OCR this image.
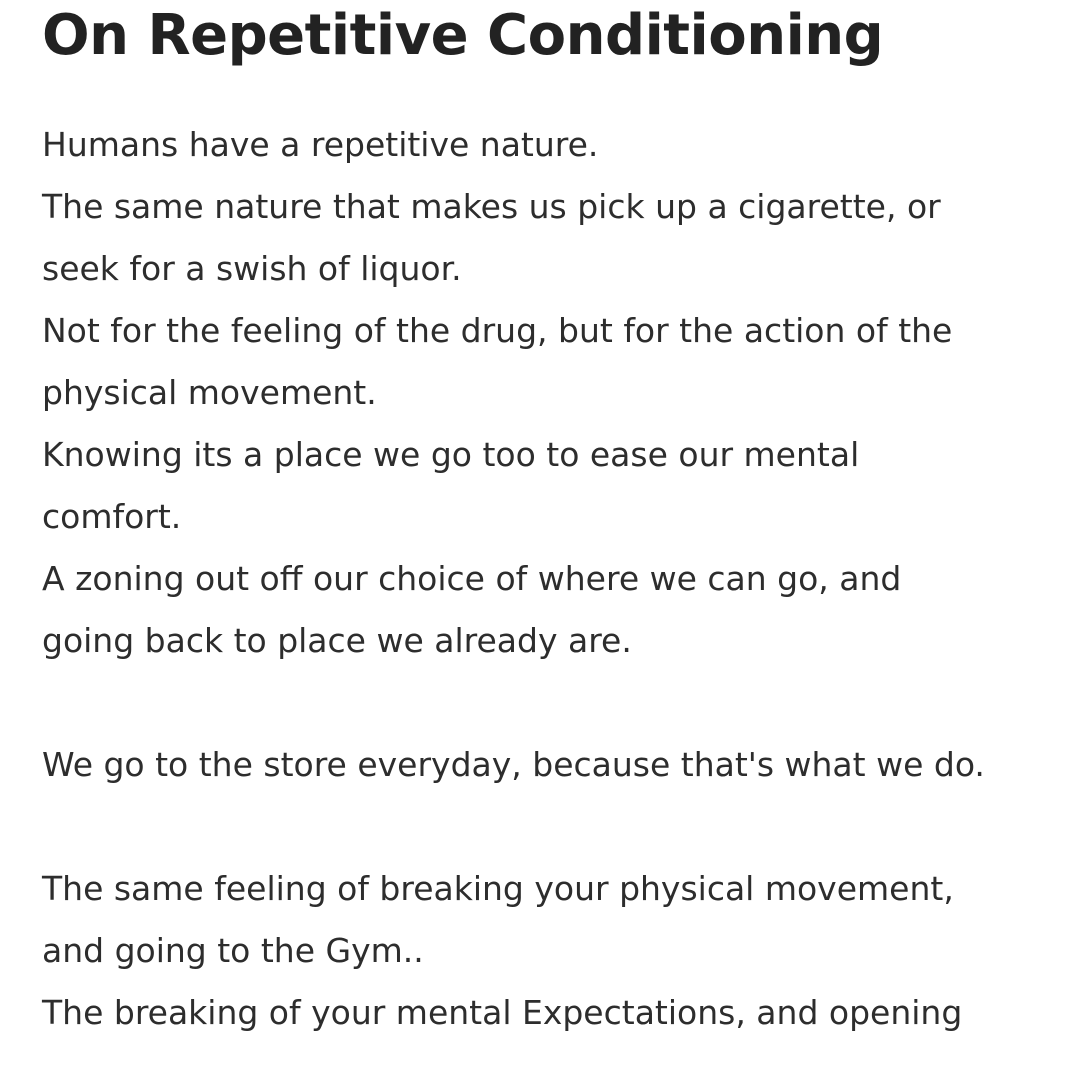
On Repetitive Conditioning

Humans have a repetitive nature.
The same nature that makes us pick up a cigarette, or
seek for a swish of liquor.
Not for the feeling of the drug, but for the action of the
physical movement.
Knowing its a place we go too to ease our mental
comfort.
A zoning out off our choice of where we can go, and
going back to place we already are.

We go to the store everyday, because that's what we do.

The same feeling of breaking your physical movement,
and going to the Gym..
The breaking of your mental Expectations, and opening
